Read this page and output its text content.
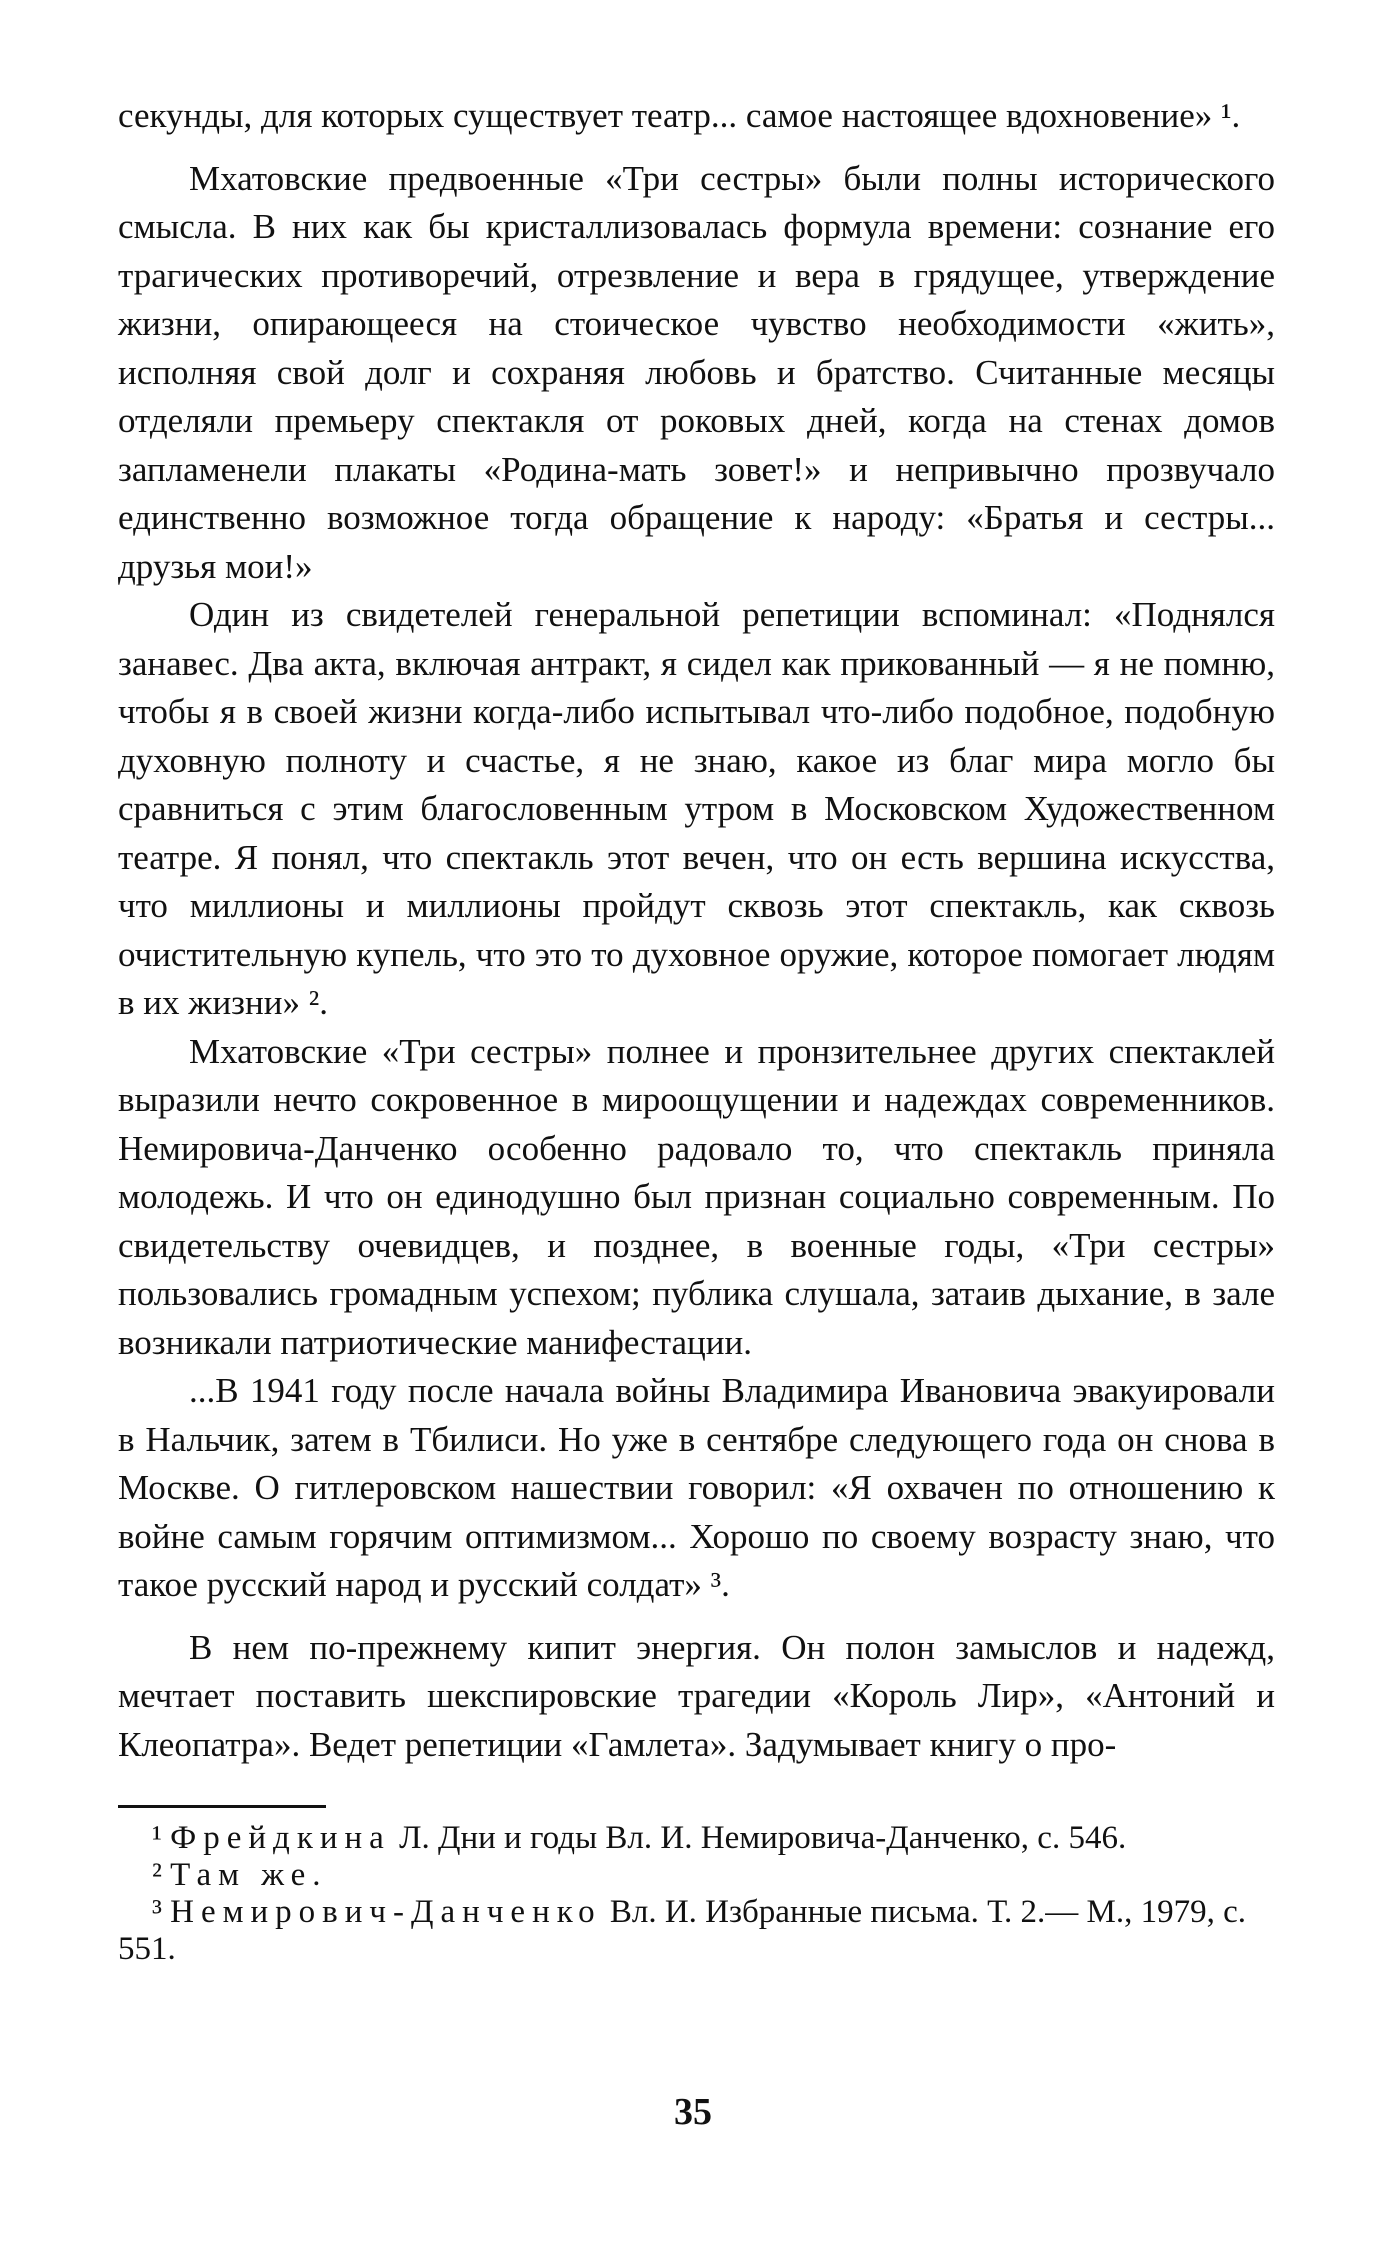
секунды, для которых существует театр... самое настоящее вдохновение» ¹.

Мхатовские предвоенные «Три сестры» были полны исторического смысла. В них как бы кристаллизовалась формула времени: сознание его трагических противоречий, отрезвление и вера в грядущее, утверждение жизни, опирающееся на стоическое чувство необходимости «жить», исполняя свой долг и сохраняя любовь и братство. Считанные месяцы отделяли премьеру спектакля от роковых дней, когда на стенах домов запламенели плакаты «Родина-мать зовет!» и непривычно прозвучало единственно возможное тогда обращение к народу: «Братья и сестры... друзья мои!»

Один из свидетелей генеральной репетиции вспоминал: «Поднялся занавес. Два акта, включая антракт, я сидел как прикованный — я не помню, чтобы я в своей жизни когда-либо испытывал что-либо подобное, подобную духовную полноту и счастье, я не знаю, какое из благ мира могло бы сравниться с этим благословенным утром в Московском Художественном театре. Я понял, что спектакль этот вечен, что он есть вершина искусства, что миллионы и миллионы пройдут сквозь этот спектакль, как сквозь очистительную купель, что это то духовное оружие, которое помогает людям в их жизни» ².

Мхатовские «Три сестры» полнее и пронзительнее других спектаклей выразили нечто сокровенное в мироощущении и надеждах современников. Немировича-Данченко особенно радовало то, что спектакль приняла молодежь. И что он единодушно был признан социально современным. По свидетельству очевидцев, и позднее, в военные годы, «Три сестры» пользовались громадным успехом; публика слушала, затаив дыхание, в зале возникали патриотические манифестации.

...В 1941 году после начала войны Владимира Ивановича эвакуировали в Нальчик, затем в Тбилиси. Но уже в сентябре следующего года он снова в Москве. О гитлеровском нашествии говорил: «Я охвачен по отношению к войне самым горячим оптимизмом... Хорошо по своему возрасту знаю, что такое русский народ и русский солдат» ³.

В нем по-прежнему кипит энергия. Он полон замыслов и надежд, мечтает поставить шекспировские трагедии «Король Лир», «Антоний и Клеопатра». Ведет репетиции «Гамлета». Задумывает книгу о про-

¹ Фрейдкина Л. Дни и годы Вл. И. Немировича-Данченко, с. 546.

² Там же.

³ Немирович-Данченко Вл. И. Избранные письма. Т. 2.— М., 1979, с. 551.

35
